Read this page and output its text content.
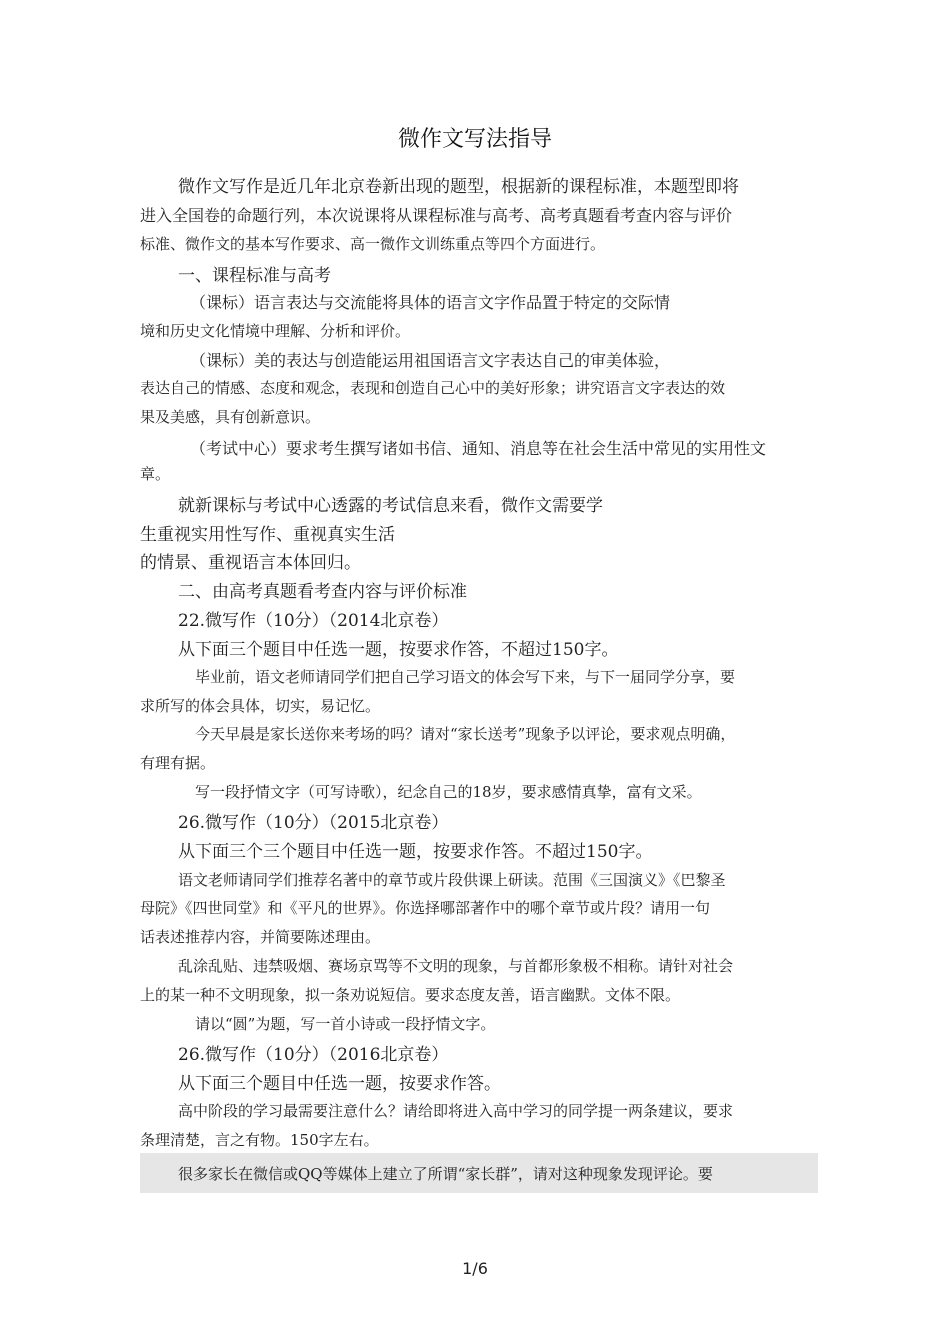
微作文写法指导
微作文写作是近几年北京卷新出现的题型，根据新的课程标准，本题型即将
进入全国卷的命题行列，本次说课将从课程标准与高考、高考真题看考查内容与评价
标准、微作文的基本写作要求、高一微作文训练重点等四个方面进行。
一、课程标准与高考
（课标）语言表达与交流能将具体的语言文字作品置于特定的交际情
境和历史文化情境中理解、分析和评价。
（课标）美的表达与创造能运用祖国语言文字表达自己的审美体验，
表达自己的情感、态度和观念，表现和创造自己心中的美好形象；讲究语言文字表达的效
果及美感，具有创新意识。
（考试中心）要求考生撰写诸如书信、通知、消息等在社会生活中常见的实用性文
章。
就新课标与考试中心透露的考试信息来看，微作文需要学
生重视实用性写作、重视真实生活
的情景、重视语言本体回归。
二、由高考真题看考查内容与评价标准
22.微写作（10分）（2014北京卷）
从下面三个题目中任选一题，按要求作答，不超过150字。
毕业前，语文老师请同学们把自己学习语文的体会写下来，与下一届同学分享，要
求所写的体会具体，切实，易记忆。
今天早晨是家长送你来考场的吗？请对“家长送考”现象予以评论，要求观点明确，
有理有据。
写一段抒情文字（可写诗歌），纪念自己的18岁，要求感情真挚，富有文采。
26.微写作（10分）（2015北京卷）
从下面三个三个题目中任选一题，按要求作答。不超过150字。
语文老师请同学们推荐名著中的章节或片段供课上研读。范围《三国演义》《巴黎圣
母院》《四世同堂》和《平凡的世界》。你选择哪部著作中的哪个章节或片段？请用一句
话表述推荐内容，并简要陈述理由。
乱涂乱贴、违禁吸烟、赛场京骂等不文明的现象，与首都形象极不相称。请针对社会
上的某一种不文明现象，拟一条劝说短信。要求态度友善，语言幽默。文体不限。
请以“圆”为题，写一首小诗或一段抒情文字。
26.微写作（10分）（2016北京卷）
从下面三个题目中任选一题，按要求作答。
高中阶段的学习最需要注意什么？请给即将进入高中学习的同学提一两条建议，要求
条理清楚，言之有物。150字左右。
很多家长在微信或QQ等媒体上建立了所谓“家长群”，请对这种现象发现评论。要
1/6
